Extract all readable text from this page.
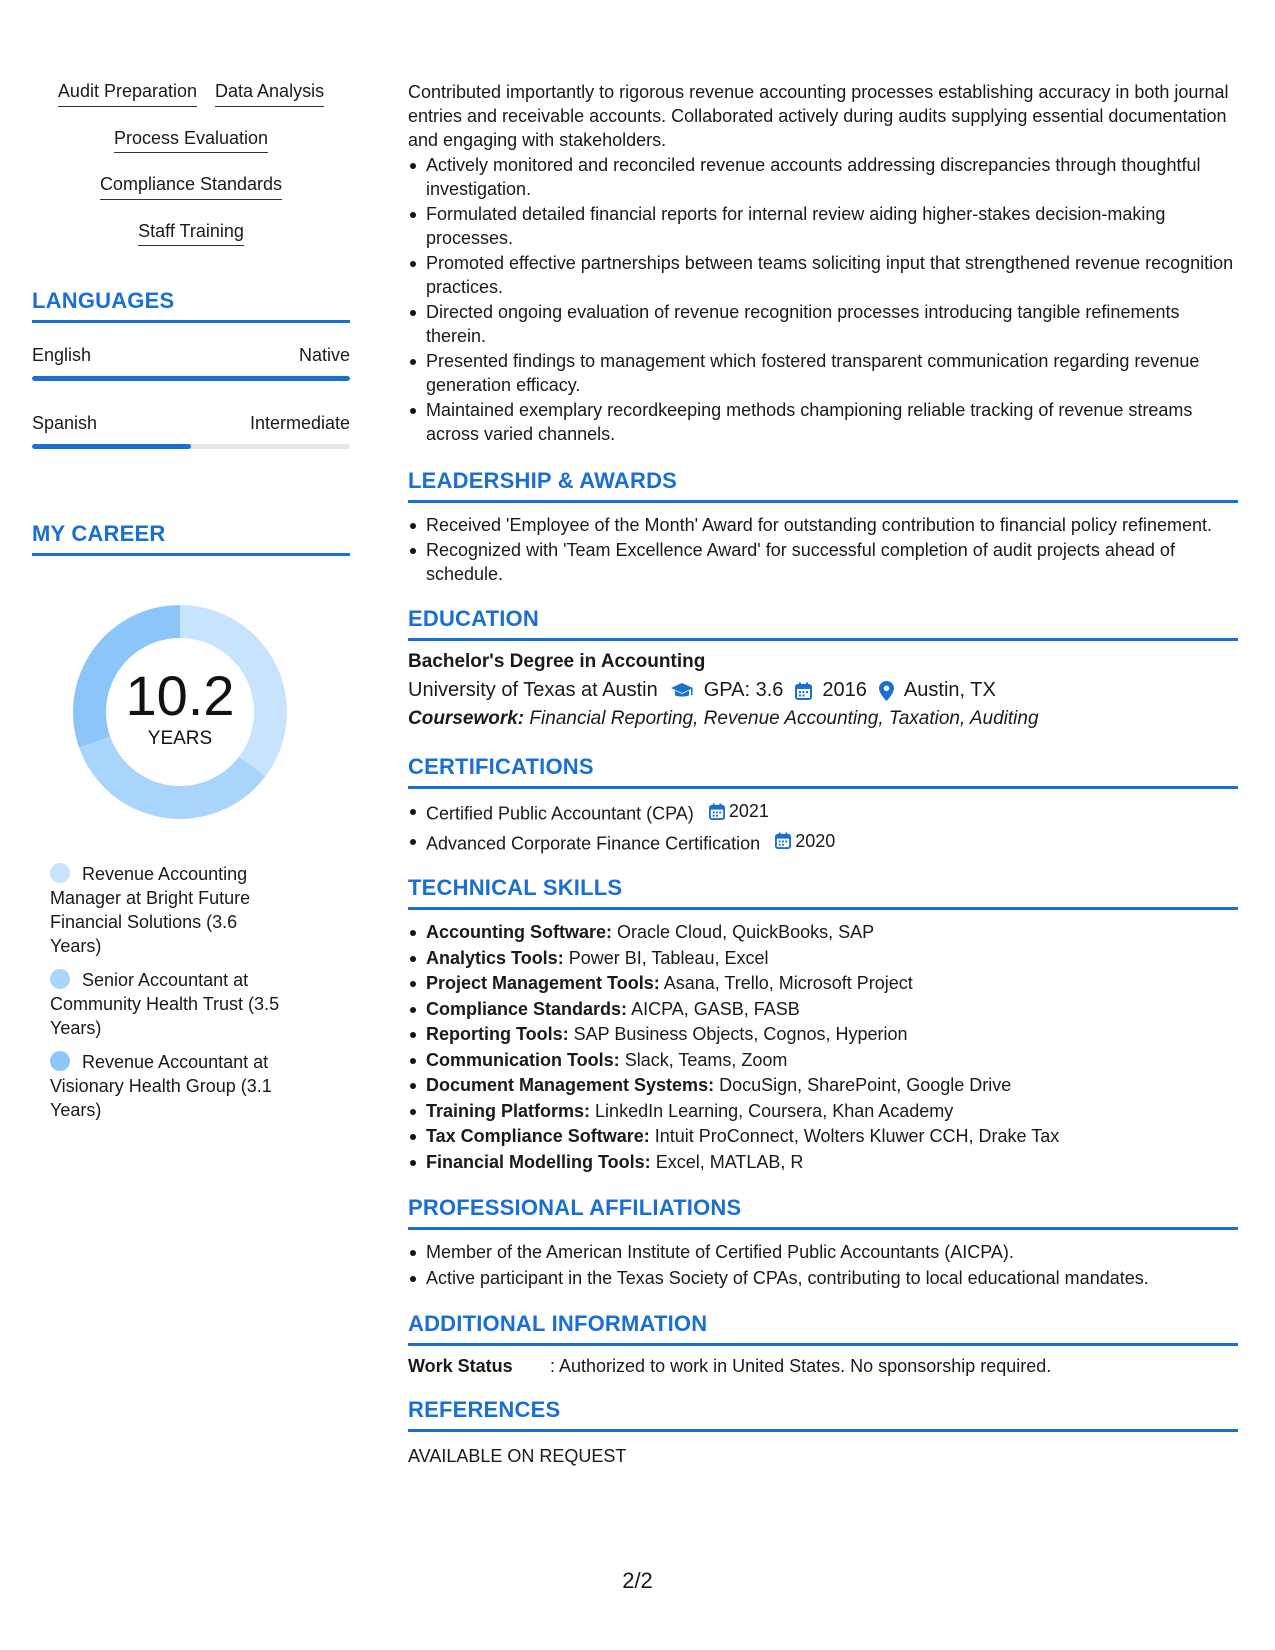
Audit Preparation Data Analysis
Process Evaluation
Compliance Standards
Staff Training
LANGUAGES
English	Native
Spanish	Intermediate
MY CAREER
10.2
YEARS
Revenue Accounting Manager at Bright Future Financial Solutions (3.6 Years)
Senior Accountant at Community Health Trust (3.5 Years)
Revenue Accountant at Visionary Health Group (3.1 Years)

Contributed importantly to rigorous revenue accounting processes establishing accuracy in both journal entries and receivable accounts. Collaborated actively during audits supplying essential documentation and engaging with stakeholders.

Actively monitored and reconciled revenue accounts addressing discrepancies through thoughtful investigation.
Formulated detailed financial reports for internal review aiding higher-stakes decision-making processes.
Promoted effective partnerships between teams soliciting input that strengthened revenue recognition practices.
Directed ongoing evaluation of revenue recognition processes introducing tangible refinements therein.
Presented findings to management which fostered transparent communication regarding revenue generation efficacy.
Maintained exemplary recordkeeping methods championing reliable tracking of revenue streams across varied channels.
LEADERSHIP & AWARDS
Received 'Employee of the Month' Award for outstanding contribution to financial policy refinement.
Recognized with 'Team Excellence Award' for successful completion of audit projects ahead of schedule.
EDUCATION
Bachelor's Degree in Accounting
University of Texas at Austin GPA: 3.6 2016 Austin, TX
Coursework: Financial Reporting, Revenue Accounting, Taxation, Auditing
CERTIFICATIONS
Certified Public Accountant (CPA) 2021
Advanced Corporate Finance Certification 2020
TECHNICAL SKILLS
Accounting Software: Oracle Cloud, QuickBooks, SAP
Analytics Tools: Power BI, Tableau, Excel
Project Management Tools: Asana, Trello, Microsoft Project
Compliance Standards: AICPA, GASB, FASB
Reporting Tools: SAP Business Objects, Cognos, Hyperion
Communication Tools: Slack, Teams, Zoom
Document Management Systems: DocuSign, SharePoint, Google Drive
Training Platforms: LinkedIn Learning, Coursera, Khan Academy
Tax Compliance Software: Intuit ProConnect, Wolters Kluwer CCH, Drake Tax
Financial Modelling Tools: Excel, MATLAB, R
PROFESSIONAL AFFILIATIONS
Member of the American Institute of Certified Public Accountants (AICPA).
Active participant in the Texas Society of CPAs, contributing to local educational mandates.
ADDITIONAL INFORMATION
Work Status	: Authorized to work in United States. No sponsorship required.
REFERENCES
AVAILABLE ON REQUEST
2/2
